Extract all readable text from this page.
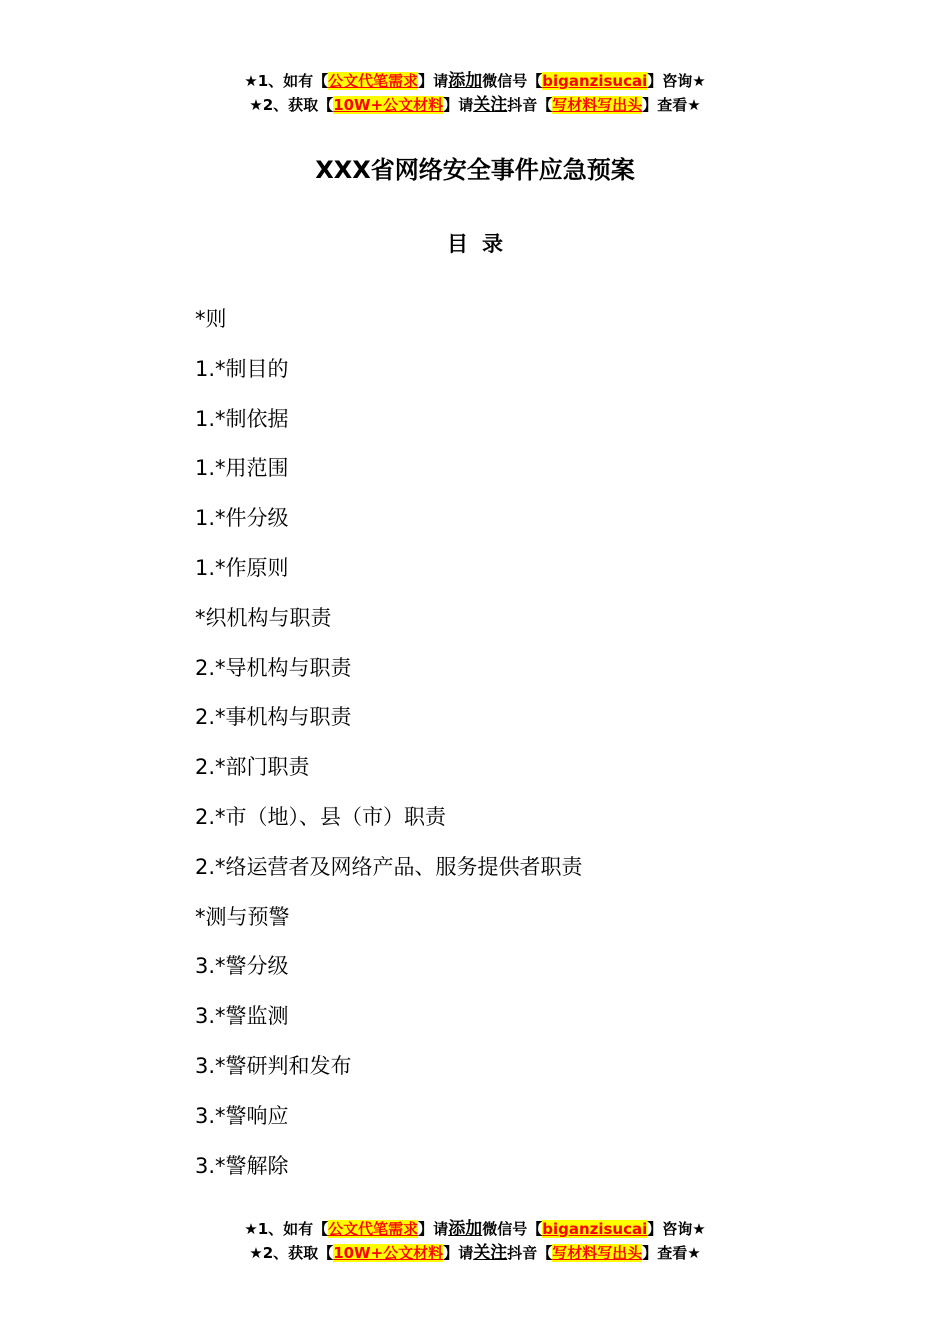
★1、如有【公文代笔需求】请添加微信号【biganzisucai】咨询★
★2、获取【10W+公文材料】请关注抖音【写材料写出头】查看★
XXX省网络安全事件应急预案
目录
*则
1.*制目的
1.*制依据
1.*用范围
1.*件分级
1.*作原则
*织机构与职责
2.*导机构与职责
2.*事机构与职责
2.*部门职责
2.*市（地）、县（市）职责
2.*络运营者及网络产品、服务提供者职责
*测与预警
3.*警分级
3.*警监测
3.*警研判和发布
3.*警响应
3.*警解除
★1、如有【公文代笔需求】请添加微信号【biganzisucai】咨询★
★2、获取【10W+公文材料】请关注抖音【写材料写出头】查看★
